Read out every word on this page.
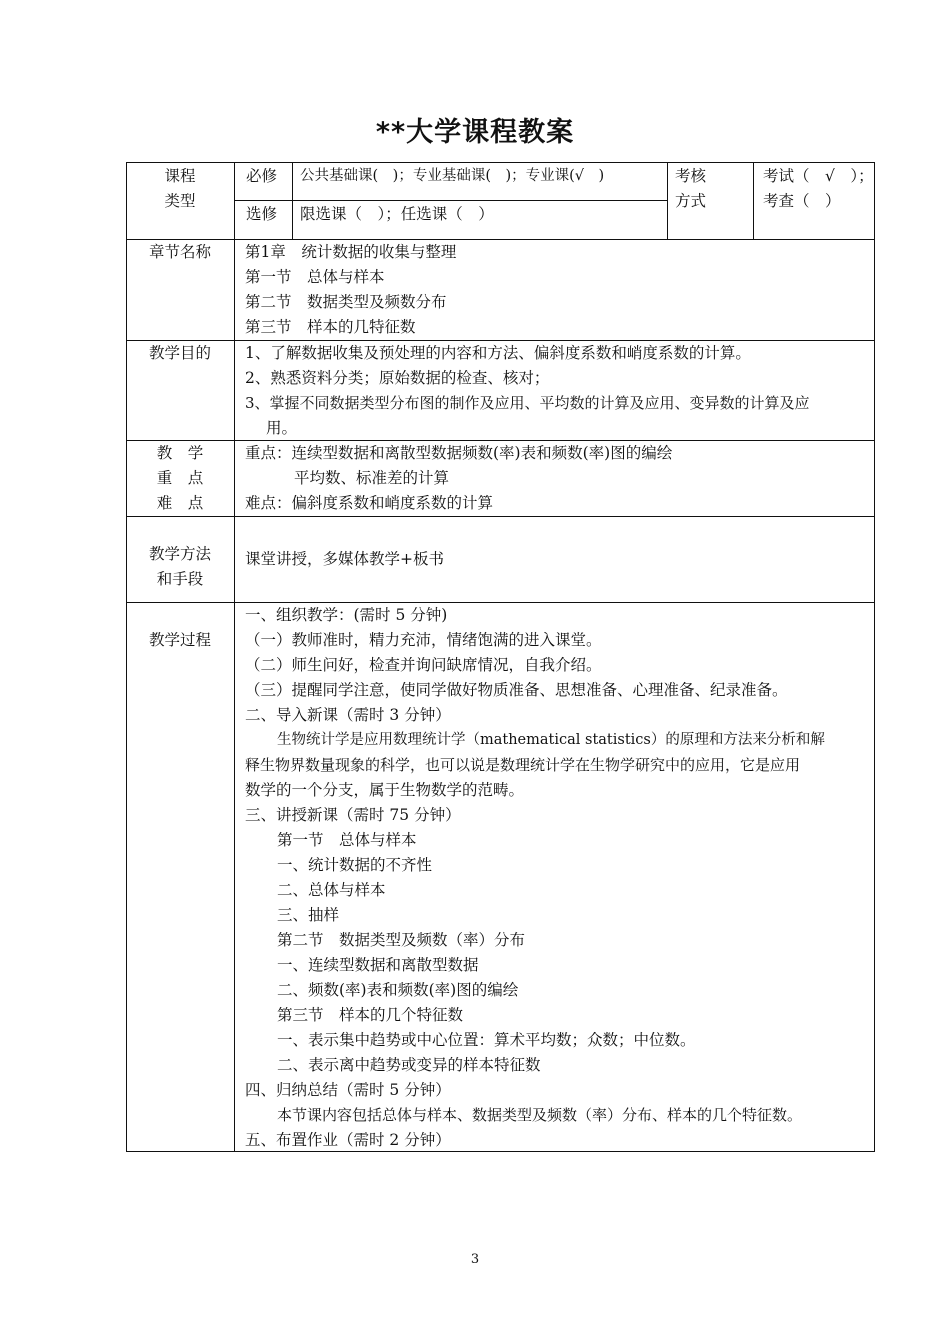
**大学课程教案
课程
类型
必修 公共基础课(　)；专业基础课(　)；专业课(√　)
选修 限选课（　）；任选课（　）
考核
方式
考试（　√　）；
考查（　）
章节名称	第1章　统计数据的收集与整理
第一节　总体与样本
第二节　数据类型及频数分布
第三节　样本的几特征数
教学目的	1、了解数据收集及预处理的内容和方法、偏斜度系数和峭度系数的计算。
2、熟悉资料分类；原始数据的检查、核对；
3、掌握不同数据类型分布图的制作及应用、平均数的计算及应用、变异数的计算及应
用。
教　学
重　点
难　点
重点：连续型数据和离散型数据频数(率)表和频数(率)图的编绘
平均数、标准差的计算
难点：偏斜度系数和峭度系数的计算
教学方法
和手段
课堂讲授，多媒体教学+板书
教学过程
一、组织教学：(需时 5 分钟)
（一）教师准时，精力充沛，情绪饱满的进入课堂。
（二）师生问好，检查并询问缺席情况，自我介绍。
（三）提醒同学注意，使同学做好物质准备、思想准备、心理准备、纪录准备。
二、导入新课（需时 3 分钟）
生物统计学是应用数理统计学（mathematical statistics）的原理和方法来分析和解
释生物界数量现象的科学，也可以说是数理统计学在生物学研究中的应用，它是应用
数学的一个分支，属于生物数学的范畴。
三、讲授新课（需时 75 分钟）
第一节　总体与样本
一、统计数据的不齐性
二、总体与样本
三、抽样
第二节　数据类型及频数（率）分布
一、连续型数据和离散型数据
二、频数(率)表和频数(率)图的编绘
第三节　样本的几个特征数
一、表示集中趋势或中心位置：算术平均数；众数；中位数。
二、表示离中趋势或变异的样本特征数
四、归纳总结（需时 5 分钟）
本节课内容包括总体与样本、数据类型及频数（率）分布、样本的几个特征数。
五、布置作业（需时 2 分钟）
3
